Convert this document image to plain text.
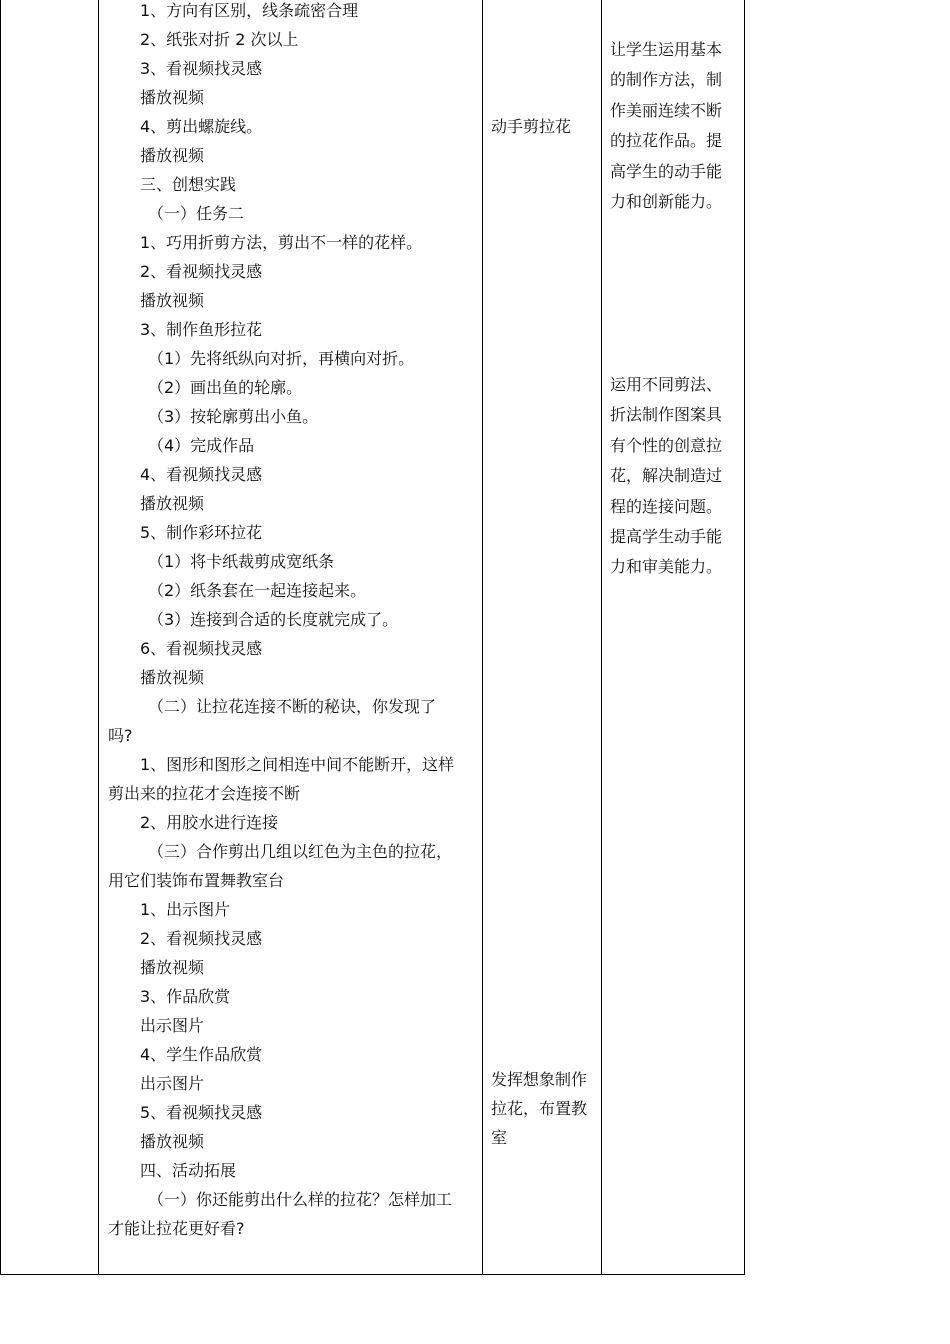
1、方向有区别，线条疏密合理
2、纸张对折 2 次以上
3、看视频找灵感
播放视频
4、剪出螺旋线。
播放视频
三、创想实践
（一）任务二
1、巧用折剪方法，剪出不一样的花样。
2、看视频找灵感
播放视频
3、制作鱼形拉花
（1）先将纸纵向对折，再横向对折。
（2）画出鱼的轮廓。
（3）按轮廓剪出小鱼。
（4）完成作品
4、看视频找灵感
播放视频
5、制作彩环拉花
（1）将卡纸裁剪成宽纸条
（2）纸条套在一起连接起来。
（3）连接到合适的长度就完成了。
6、看视频找灵感
播放视频
（二）让拉花连接不断的秘诀，你发现了
吗?
1、图形和图形之间相连中间不能断开，这样
剪出来的拉花才会连接不断
2、用胶水进行连接
（三）合作剪出几组以红色为主色的拉花，
用它们装饰布置舞教室台
1、出示图片
2、看视频找灵感
播放视频
3、作品欣赏
出示图片
4、学生作品欣赏
出示图片
5、看视频找灵感
播放视频
四、活动拓展
（一）你还能剪出什么样的拉花？怎样加工
才能让拉花更好看?
动手剪拉花
发挥想象制作
拉花，布置教
室
让学生运用基本
的制作方法，制
作美丽连续不断
的拉花作品。提
高学生的动手能
力和创新能力。
运用不同剪法、
折法制作图案具
有个性的创意拉
花，解决制造过
程的连接问题。
提高学生动手能
力和审美能力。
